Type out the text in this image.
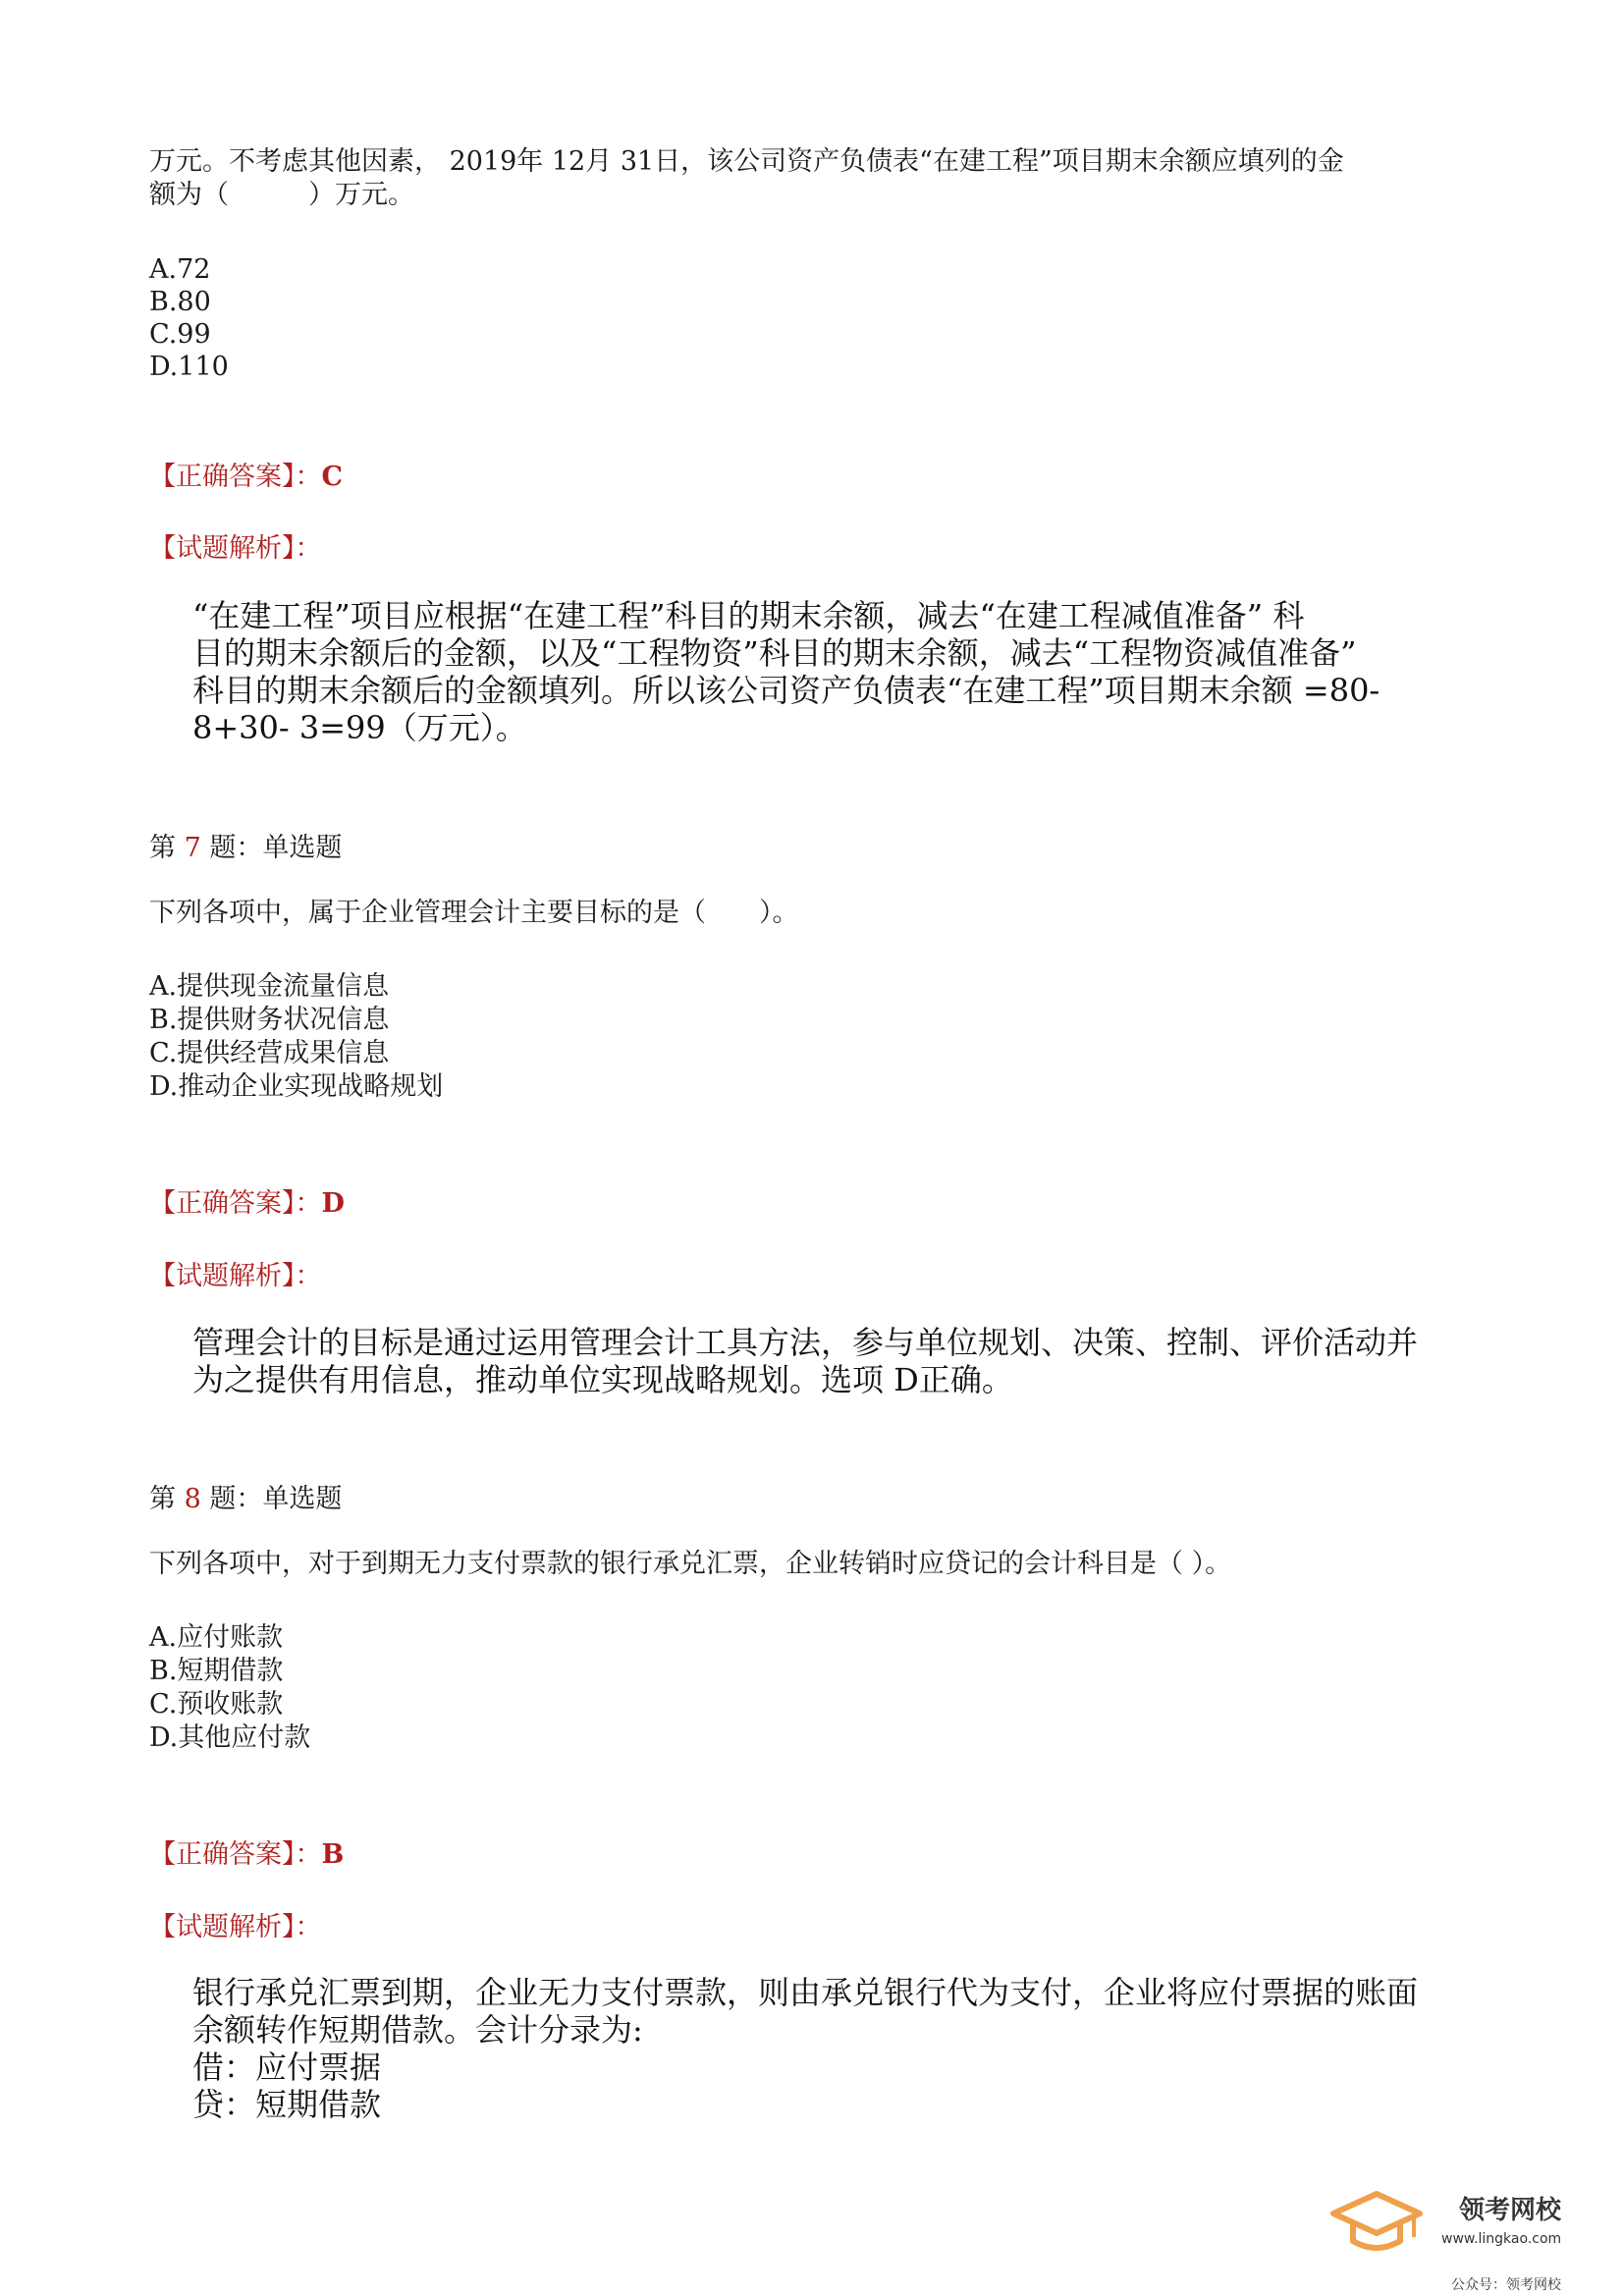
万元。不考虑其他因素， 2019年 12月 31日，该公司资产负债表“在建工程”项目期末余额应填列的金
额为（　　　）万元。
A.72
B.80
C.99
D.110
【正确答案】：C
【试题解析】：
“在建工程”项目应根据“在建工程”科目的期末余额，减去“在建工程减值准备” 科
目的期末余额后的金额，以及“工程物资”科目的期末余额，减去“工程物资减值准备”
科目的期末余额后的金额填列。所以该公司资产负债表“在建工程”项目期末余额 =80-
8+30- 3=99（万元）。
第 7 题：单选题
下列各项中，属于企业管理会计主要目标的是（　　）。
A.提供现金流量信息
B.提供财务状况信息
C.提供经营成果信息
D.推动企业实现战略规划
【正确答案】：D
【试题解析】：
管理会计的目标是通过运用管理会计工具方法，参与单位规划、决策、控制、评价活动并
为之提供有用信息，推动单位实现战略规划。选项 D正确。
第 8 题：单选题
下列各项中，对于到期无力支付票款的银行承兑汇票，企业转销时应贷记的会计科目是（ ）。
A.应付账款
B.短期借款
C.预收账款
D.其他应付款
【正确答案】：B
【试题解析】：
银行承兑汇票到期，企业无力支付票款，则由承兑银行代为支付，企业将应付票据的账面
余额转作短期借款。会计分录为:
借：应付票据
贷：短期借款
领考网校
www.lingkao.com
公众号：领考网校
